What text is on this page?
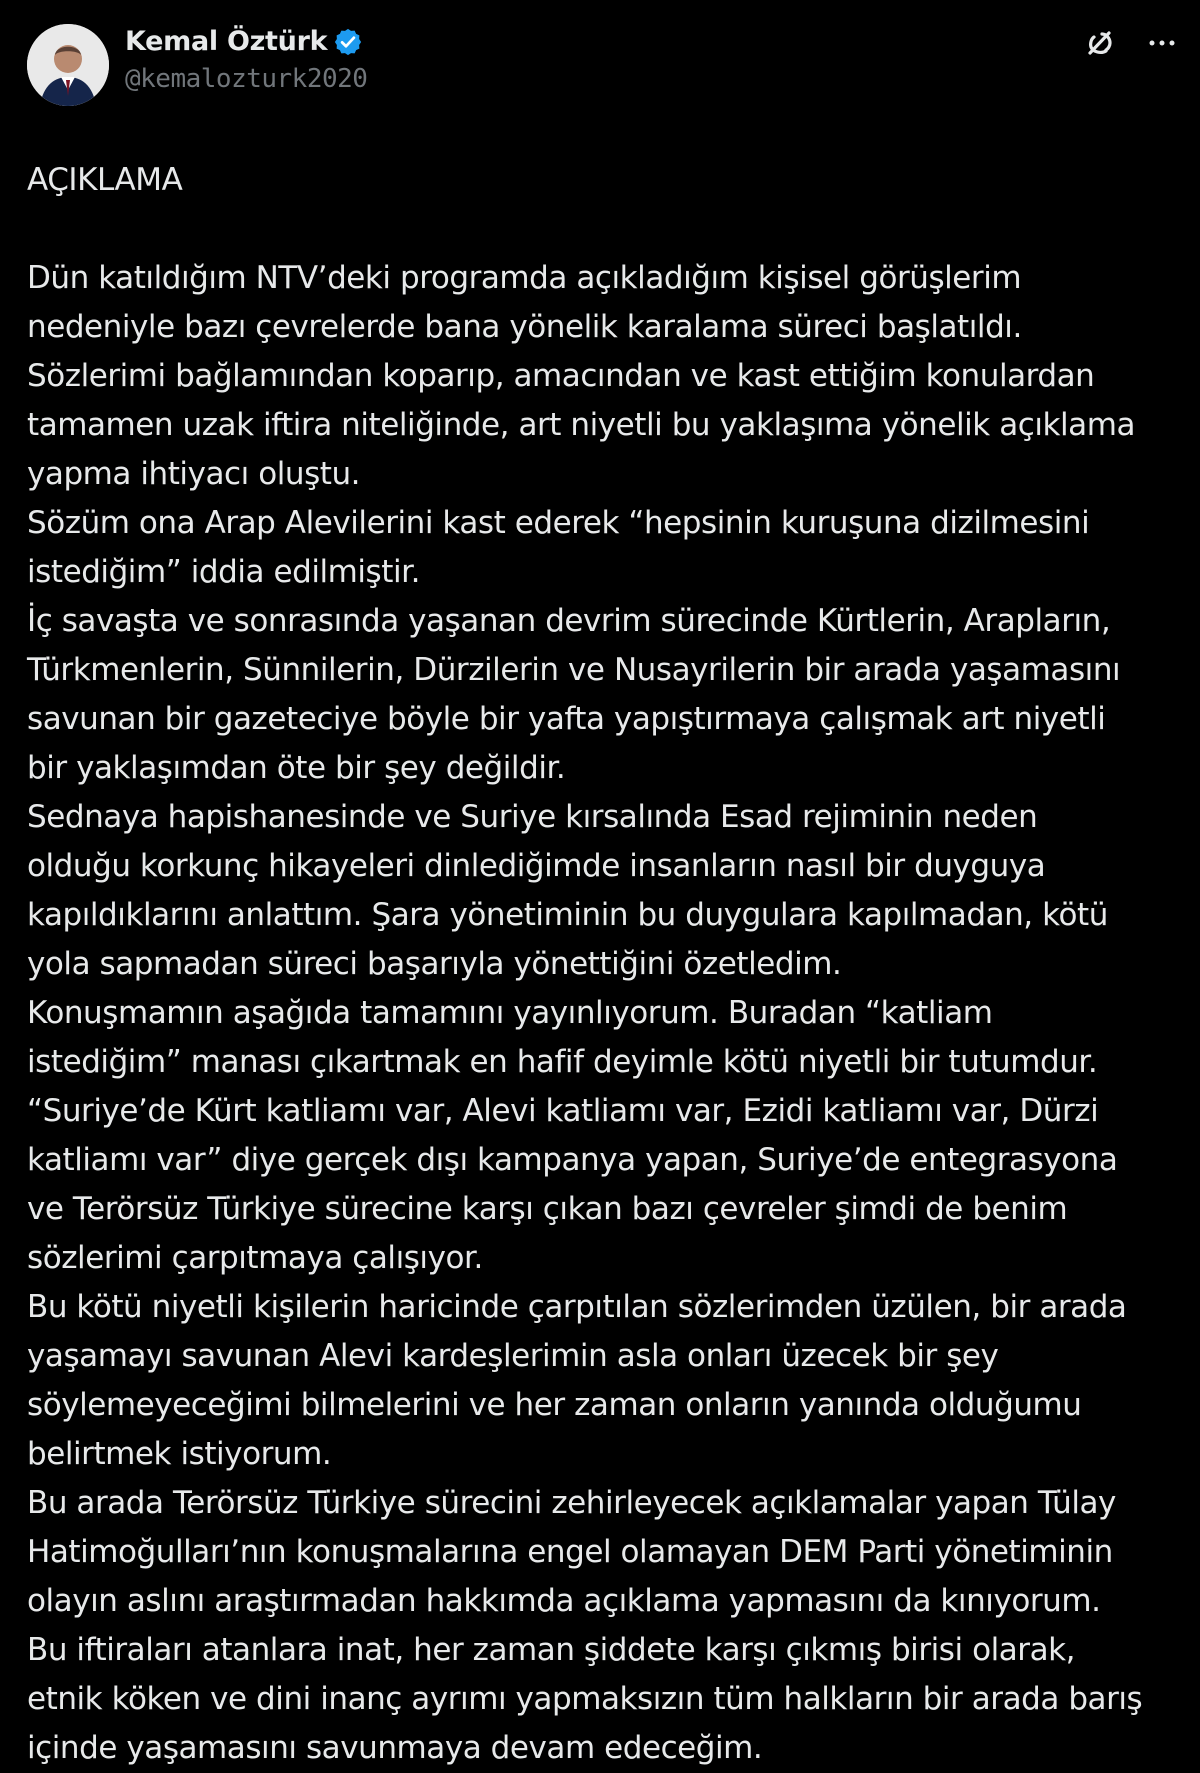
Kemal Öztürk
@kemalozturk2020
AÇIKLAMA
Dün katıldığım NTV’deki programda açıkladığım kişisel görüşlerim
nedeniyle bazı çevrelerde bana yönelik karalama süreci başlatıldı.
Sözlerimi bağlamından koparıp, amacından ve kast ettiğim konulardan
tamamen uzak iftira niteliğinde, art niyetli bu yaklaşıma yönelik açıklama
yapma ihtiyacı oluştu.
Sözüm ona Arap Alevilerini kast ederek “hepsinin kuruşuna dizilmesini
istediğim” iddia edilmiştir.
İç savaşta ve sonrasında yaşanan devrim sürecinde Kürtlerin, Arapların,
Türkmenlerin, Sünnilerin, Dürzilerin ve Nusayrilerin bir arada yaşamasını
savunan bir gazeteciye böyle bir yafta yapıştırmaya çalışmak art niyetli
bir yaklaşımdan öte bir şey değildir.
Sednaya hapishanesinde ve Suriye kırsalında Esad rejiminin neden
olduğu korkunç hikayeleri dinlediğimde insanların nasıl bir duyguya
kapıldıklarını anlattım. Şara yönetiminin bu duygulara kapılmadan, kötü
yola sapmadan süreci başarıyla yönettiğini özetledim.
Konuşmamın aşağıda tamamını yayınlıyorum. Buradan “katliam
istediğim” manası çıkartmak en hafif deyimle kötü niyetli bir tutumdur.
“Suriye’de Kürt katliamı var, Alevi katliamı var, Ezidi katliamı var, Dürzi
katliamı var” diye gerçek dışı kampanya yapan, Suriye’de entegrasyona
ve Terörsüz Türkiye sürecine karşı çıkan bazı çevreler şimdi de benim
sözlerimi çarpıtmaya çalışıyor.
Bu kötü niyetli kişilerin haricinde çarpıtılan sözlerimden üzülen, bir arada
yaşamayı savunan Alevi kardeşlerimin asla onları üzecek bir şey
söylemeyeceğimi bilmelerini ve her zaman onların yanında olduğumu
belirtmek istiyorum.
Bu arada Terörsüz Türkiye sürecini zehirleyecek açıklamalar yapan Tülay
Hatimoğulları’nın konuşmalarına engel olamayan DEM Parti yönetiminin
olayın aslını araştırmadan hakkımda açıklama yapmasını da kınıyorum.
Bu iftiraları atanlara inat, her zaman şiddete karşı çıkmış birisi olarak,
etnik köken ve dini inanç ayrımı yapmaksızın tüm halkların bir arada barış
içinde yaşamasını savunmaya devam edeceğim.
